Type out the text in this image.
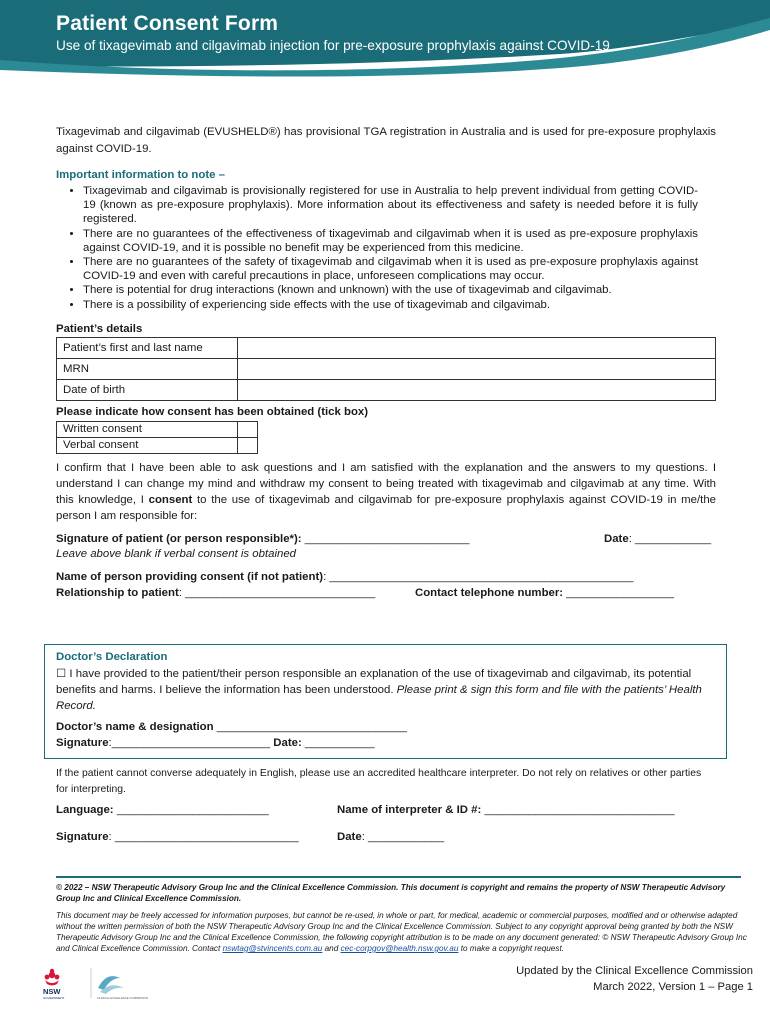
Patient Consent Form
Use of tixagevimab and cilgavimab injection for pre-exposure prophylaxis against COVID-19

Tixagevimab and cilgavimab (EVUSHELD®) has provisional TGA registration in Australia and is used for pre-exposure prophylaxis against COVID-19.

Important information to note –
• Tixagevimab and cilgavimab is provisionally registered for use in Australia to help prevent individual from getting COVID-19 (known as pre-exposure prophylaxis). More information about its effectiveness and safety is needed before it is fully registered.
• There are no guarantees of the effectiveness of tixagevimab and cilgavimab when it is used as pre-exposure prophylaxis against COVID-19, and it is possible no benefit may be experienced from this medicine.
• There are no guarantees of the safety of tixagevimab and cilgavimab when it is used as pre-exposure prophylaxis against COVID-19 and even with careful precautions in place, unforeseen complications may occur.
• There is potential for drug interactions (known and unknown) with the use of tixagevimab and cilgavimab.
• There is a possibility of experiencing side effects with the use of tixagevimab and cilgavimab.
Patient’s details
Patient’s first and last name	
MRN	
Date of birth	
Please indicate how consent has been obtained (tick box)
Written consent	
Verbal consent	

I confirm that I have been able to ask questions and I am satisfied with the explanation and the answers to my questions. I understand I can change my mind and withdraw my consent to being treated with tixagevimab and cilgavimab at any time. With this knowledge, I consent to the use of tixagevimab and cilgavimab for pre-exposure prophylaxis against COVID-19 in me/the person I am responsible for:

Signature of patient (or person responsible*): __________________________	Date: ____________
Leave above blank if verbal consent is obtained
Name of person providing consent (if not patient): ________________________________________________
Relationship to patient: ______________________________	Contact telephone number: _________________
Doctor’s Declaration
☐ I have provided to the patient/their person responsible an explanation of the use of tixagevimab and cilgavimab, its potential benefits and harms. I believe the information has been understood. Please print & sign this form and file with the patients’ Health Record.
Doctor’s name & designation ______________________________
Signature:_________________________ Date: ___________
If the patient cannot converse adequately in English, please use an accredited healthcare interpreter. Do not rely on relatives or other parties for interpreting.
Language: ________________________	Name of interpreter & ID #: ______________________________
Signature: _____________________________	Date: ____________
© 2022 – NSW Therapeutic Advisory Group Inc and the Clinical Excellence Commission. This document is copyright and remains the property of NSW Therapeutic Advisory Group Inc and Clinical Excellence Commission.
This document may be freely accessed for information purposes, but cannot be re-used, in whole or part, for medical, academic or commercial purposes, modified and or otherwise adapted without the written permission of both the NSW Therapeutic Advisory Group Inc and the Clinical Excellence Commission. Subject to any copyright approval being granted by both the NSW Therapeutic Advisory Group Inc and the Clinical Excellence Commission, the following copyright attribution is to be made on any document generated: © NSW Therapeutic Advisory Group Inc and Clinical Excellence Commission. Contact nswtag@stvincents.com.au and cec-corpgov@health.nsw.gov.au to make a copyright request.
NSW
GOVERNMENT	CLINICAL EXCELLENCE COMMISSION
Updated by the Clinical Excellence Commission
March 2022, Version 1 – Page 1
